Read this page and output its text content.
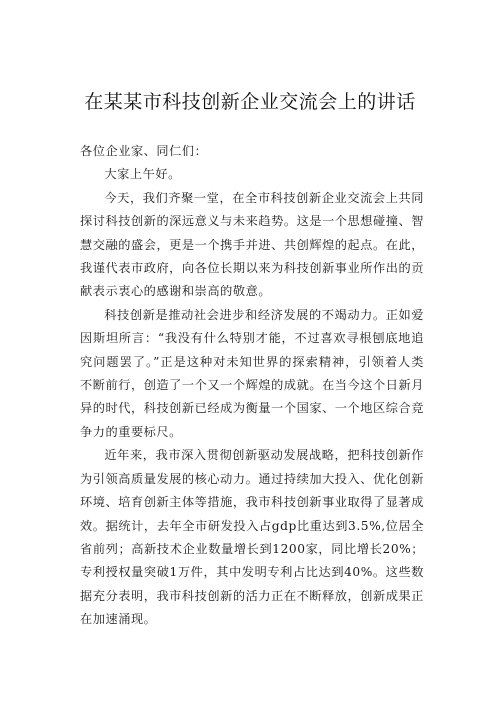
在某某市科技创新企业交流会上的讲话

各位企业家、同仁们：

大家上午好。

今天，我们齐聚一堂，在全市科技创新企业交流会上共同探讨科技创新的深远意义与未来趋势。这是一个思想碰撞、智慧交融的盛会，更是一个携手并进、共创辉煌的起点。在此，我谨代表市政府，向各位长期以来为科技创新事业所作出的贡献表示衷心的感谢和崇高的敬意。

科技创新是推动社会进步和经济发展的不竭动力。正如爱因斯坦所言：“我没有什么特别才能，不过喜欢寻根刨底地追究问题罢了。”正是这种对未知世界的探索精神，引领着人类不断前行，创造了一个又一个辉煌的成就。在当今这个日新月异的时代，科技创新已经成为衡量一个国家、一个地区综合竞争力的重要标尺。

近年来，我市深入贯彻创新驱动发展战略，把科技创新作为引领高质量发展的核心动力。通过持续加大投入、优化创新环境、培育创新主体等措施，我市科技创新事业取得了显著成效。据统计，去年全市研发投入占gdp比重达到3.5%,位居全省前列；高新技术企业数量增长到1200家，同比增长20%；专利授权量突破1万件，其中发明专利占比达到40%。这些数据充分表明，我市科技创新的活力正在不断释放，创新成果正在加速涌现。
